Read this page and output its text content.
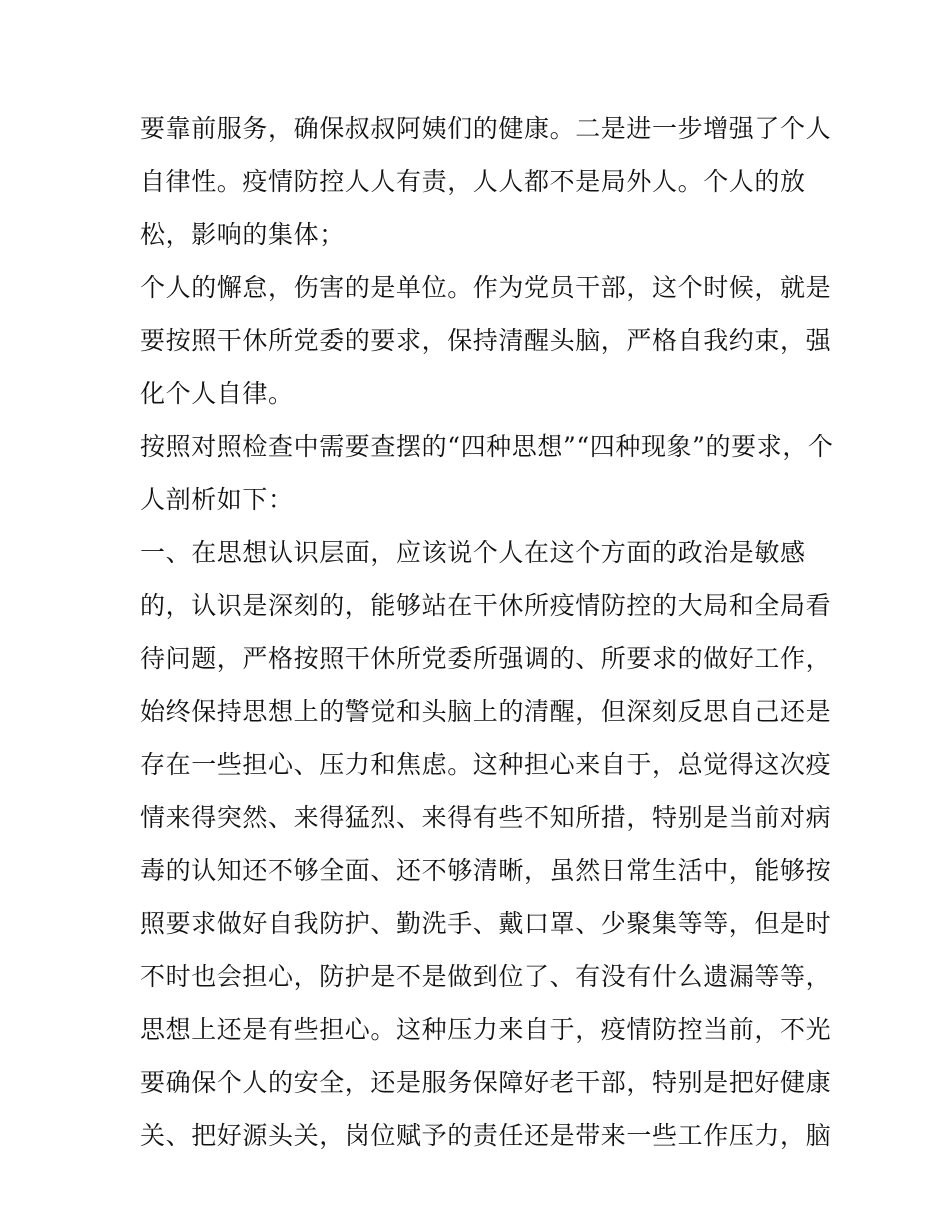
要靠前服务，确保叔叔阿姨们的健康。二是进一步增强了个人
自律性。疫情防控人人有责，人人都不是局外人。个人的放
松，影响的集体；
个人的懈怠，伤害的是单位。作为党员干部，这个时候，就是
要按照干休所党委的要求，保持清醒头脑，严格自我约束，强
化个人自律。
按照对照检查中需要查摆的“四种思想”“四种现象”的要求，个
人剖析如下：
一、在思想认识层面，应该说个人在这个方面的政治是敏感
的，认识是深刻的，能够站在干休所疫情防控的大局和全局看
待问题，严格按照干休所党委所强调的、所要求的做好工作，
始终保持思想上的警觉和头脑上的清醒，但深刻反思自己还是
存在一些担心、压力和焦虑。这种担心来自于，总觉得这次疫
情来得突然、来得猛烈、来得有些不知所措，特别是当前对病
毒的认知还不够全面、还不够清晰，虽然日常生活中，能够按
照要求做好自我防护、勤洗手、戴口罩、少聚集等等，但是时
不时也会担心，防护是不是做到位了、有没有什么遗漏等等，
思想上还是有些担心。这种压力来自于，疫情防控当前，不光
要确保个人的安全，还是服务保障好老干部，特别是把好健康
关、把好源头关，岗位赋予的责任还是带来一些工作压力，脑
